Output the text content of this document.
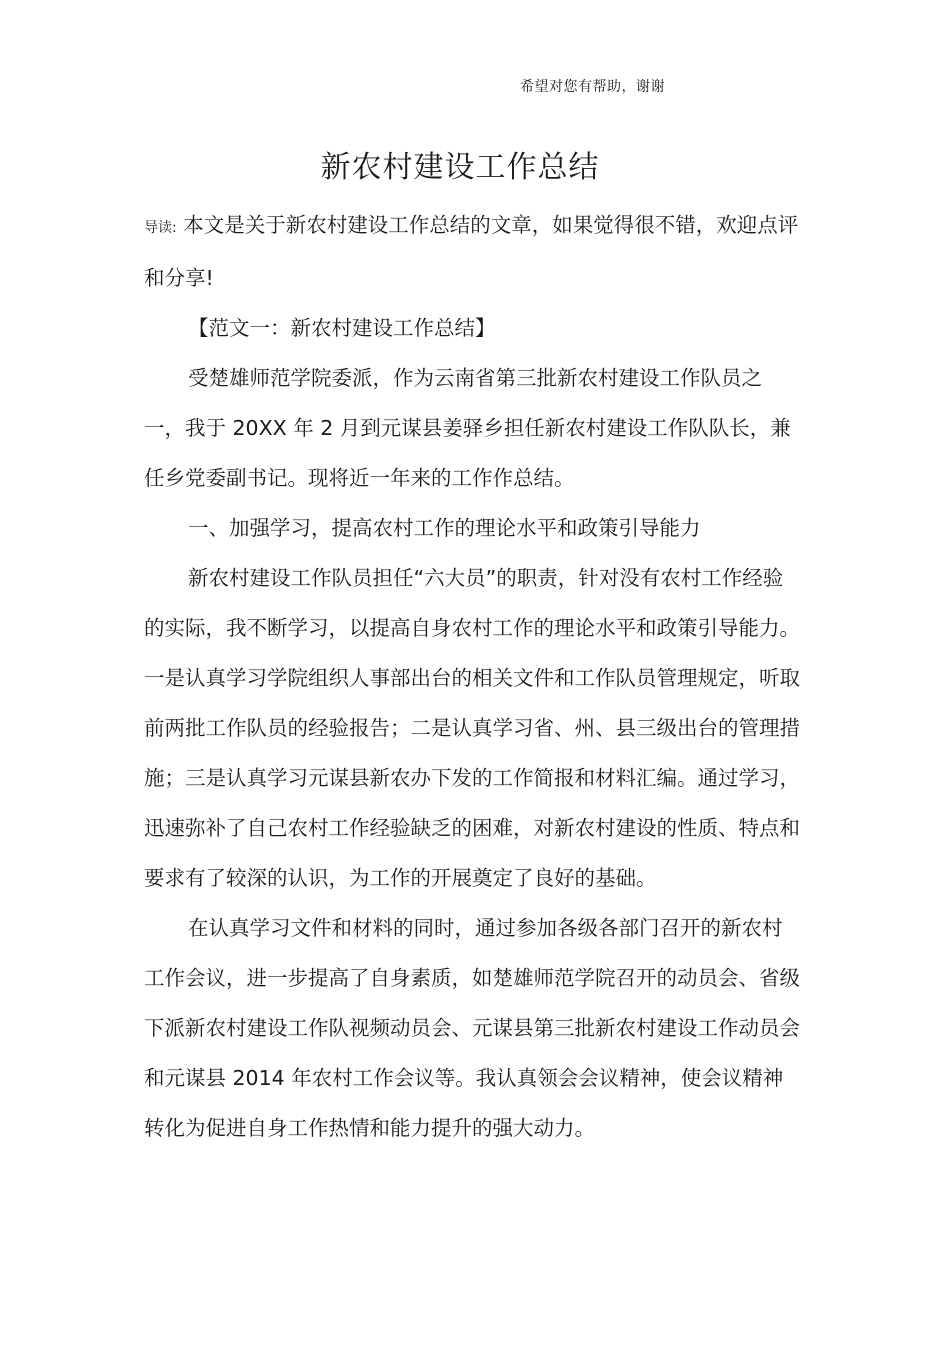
希望对您有帮助，谢谢
新农村建设工作总结

导读: 本文是关于新农村建设工作总结的文章，如果觉得很不错，欢迎点评和分享!

【范文一：新农村建设工作总结】

受楚雄师范学院委派，作为云南省第三批新农村建设工作队员之一，我于 20XX 年 2 月到元谋县姜驿乡担任新农村建设工作队队长，兼任乡党委副书记。现将近一年来的工作作总结。

一、加强学习，提高农村工作的理论水平和政策引导能力

新农村建设工作队员担任“六大员”的职责，针对没有农村工作经验的实际，我不断学习，以提高自身农村工作的理论水平和政策引导能力。一是认真学习学院组织人事部出台的相关文件和工作队员管理规定，听取前两批工作队员的经验报告；二是认真学习省、州、县三级出台的管理措施；三是认真学习元谋县新农办下发的工作简报和材料汇编。通过学习，迅速弥补了自己农村工作经验缺乏的困难，对新农村建设的性质、特点和要求有了较深的认识，为工作的开展奠定了良好的基础。

在认真学习文件和材料的同时，通过参加各级各部门召开的新农村工作会议，进一步提高了自身素质，如楚雄师范学院召开的动员会、省级下派新农村建设工作队视频动员会、元谋县第三批新农村建设工作动员会和元谋县 2014 年农村工作会议等。我认真领会会议精神，使会议精神转化为促进自身工作热情和能力提升的强大动力。
